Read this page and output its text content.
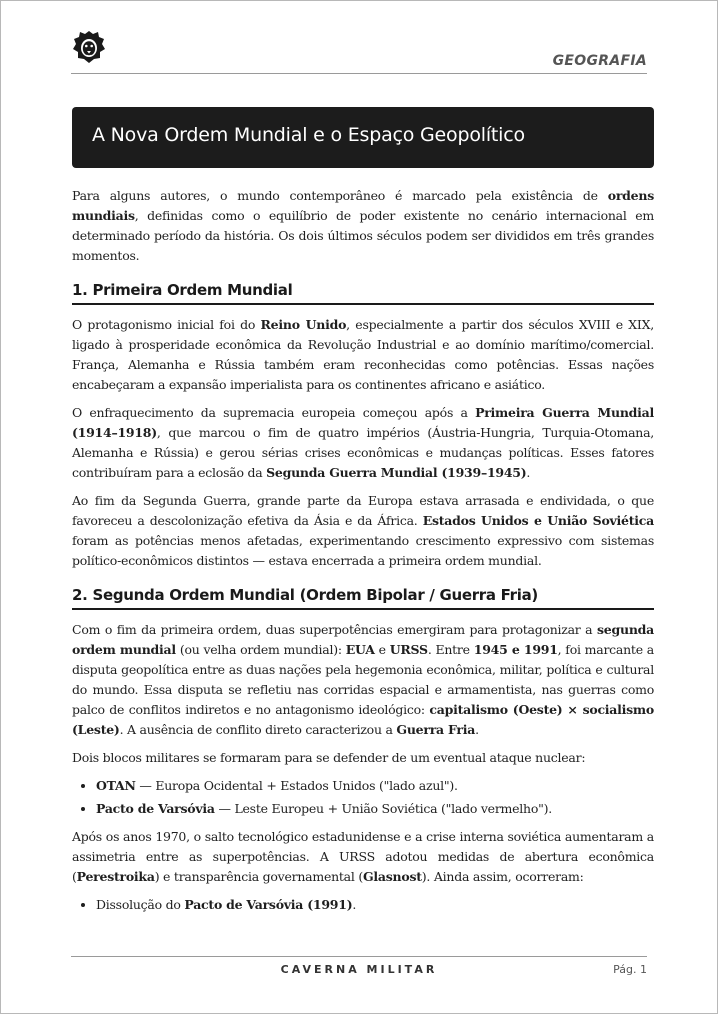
GEOGRAFIA
A Nova Ordem Mundial e o Espaço Geopolítico

Para alguns autores, o mundo contemporâneo é marcado pela existência de ordens mundiais, definidas como o equilíbrio de poder existente no cenário internacional em determinado período da história. Os dois últimos séculos podem ser divididos em três grandes momentos.

1. Primeira Ordem Mundial

O protagonismo inicial foi do Reino Unido, especialmente a partir dos séculos XVIII e XIX, ligado à prosperidade econômica da Revolução Industrial e ao domínio marítimo/comercial. França, Alemanha e Rússia também eram reconhecidas como potências. Essas nações encabeçaram a expansão imperialista para os continentes africano e asiático.

O enfraquecimento da supremacia europeia começou após a Primeira Guerra Mundial (1914–1918), que marcou o fim de quatro impérios (Áustria-Hungria, Turquia-Otomana, Alemanha e Rússia) e gerou sérias crises econômicas e mudanças políticas. Esses fatores contribuíram para a eclosão da Segunda Guerra Mundial (1939–1945).

Ao fim da Segunda Guerra, grande parte da Europa estava arrasada e endividada, o que favoreceu a descolonização efetiva da Ásia e da África. Estados Unidos e União Soviética foram as potências menos afetadas, experimentando crescimento expressivo com sistemas político-econômicos distintos — estava encerrada a primeira ordem mundial.

2. Segunda Ordem Mundial (Ordem Bipolar / Guerra Fria)

Com o fim da primeira ordem, duas superpotências emergiram para protagonizar a segunda ordem mundial (ou velha ordem mundial): EUA e URSS. Entre 1945 e 1991, foi marcante a disputa geopolítica entre as duas nações pela hegemonia econômica, militar, política e cultural do mundo. Essa disputa se refletiu nas corridas espacial e armamentista, nas guerras como palco de conflitos indiretos e no antagonismo ideológico: capitalismo (Oeste) × socialismo (Leste). A ausência de conflito direto caracterizou a Guerra Fria.

Dois blocos militares se formaram para se defender de um eventual ataque nuclear:

• OTAN — Europa Ocidental + Estados Unidos ("lado azul").
• Pacto de Varsóvia — Leste Europeu + União Soviética ("lado vermelho").

Após os anos 1970, o salto tecnológico estadunidense e a crise interna soviética aumentaram a assimetria entre as superpotências. A URSS adotou medidas de abertura econômica (Perestroika) e transparência governamental (Glasnost). Ainda assim, ocorreram:

• Dissolução do Pacto de Varsóvia (1991).
CAVERNA MILITAR	Pág. 1
